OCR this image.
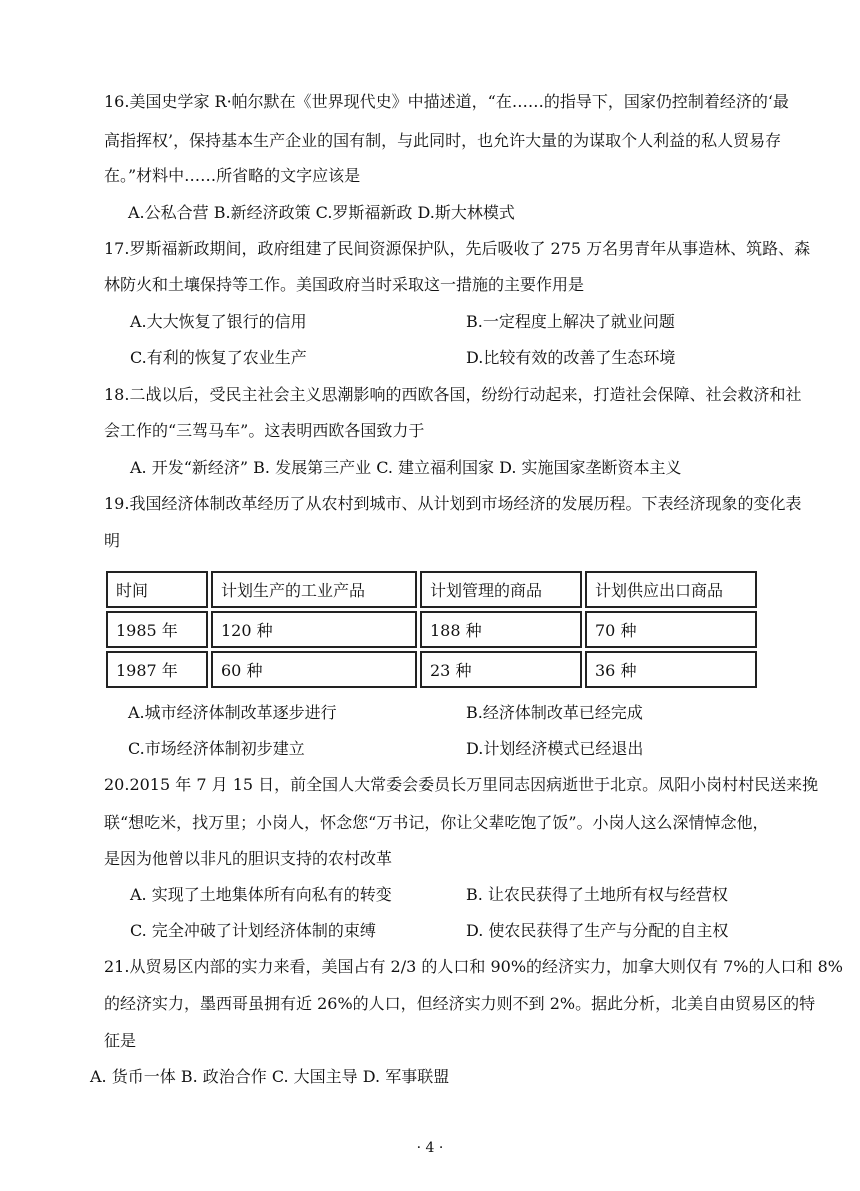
16.美国史学家 R·帕尔默在《世界现代史》中描述道，“在……的指导下，国家仍控制着经济的‘最
高指挥权’，保持基本生产企业的国有制，与此同时，也允许大量的为谋取个人利益的私人贸易存
在。”材料中……所省略的文字应该是
A.公私合营 B.新经济政策 C.罗斯福新政 D.斯大林模式
17.罗斯福新政期间，政府组建了民间资源保护队，先后吸收了 275 万名男青年从事造林、筑路、森
林防火和土壤保持等工作。美国政府当时采取这一措施的主要作用是
A.大大恢复了银行的信用	B.一定程度上解决了就业问题
C.有利的恢复了农业生产	D.比较有效的改善了生态环境
18.二战以后，受民主社会主义思潮影响的西欧各国，纷纷行动起来，打造社会保障、社会救济和社
会工作的“三驾马车”。这表明西欧各国致力于
A. 开发“新经济” B. 发展第三产业 C. 建立福利国家 D. 实施国家垄断资本主义
19.我国经济体制改革经历了从农村到城市、从计划到市场经济的发展历程。下表经济现象的变化表
明
时间	计划生产的工业产品	计划管理的商品	计划供应出口商品
1985 年	120 种	188 种	70 种
1987 年	60 种	23 种	36 种
A.城市经济体制改革逐步进行	B.经济体制改革已经完成
C.市场经济体制初步建立	D.计划经济模式已经退出
20.2015 年 7 月 15 日，前全国人大常委会委员长万里同志因病逝世于北京。凤阳小岗村村民送来挽
联“想吃米，找万里；小岗人，怀念您“万书记，你让父辈吃饱了饭”。小岗人这么深情悼念他，
是因为他曾以非凡的胆识支持的农村改革
A. 实现了土地集体所有向私有的转变	B. 让农民获得了土地所有权与经营权
C. 完全冲破了计划经济体制的束缚	D. 使农民获得了生产与分配的自主权
21.从贸易区内部的实力来看，美国占有 2/3 的人口和 90%的经济实力，加拿大则仅有 7%的人口和 8%
的经济实力，墨西哥虽拥有近 26%的人口，但经济实力则不到 2%。据此分析，北美自由贸易区的特
征是
A. 货币一体 B. 政治合作 C. 大国主导 D. 军事联盟
· 4 ·
